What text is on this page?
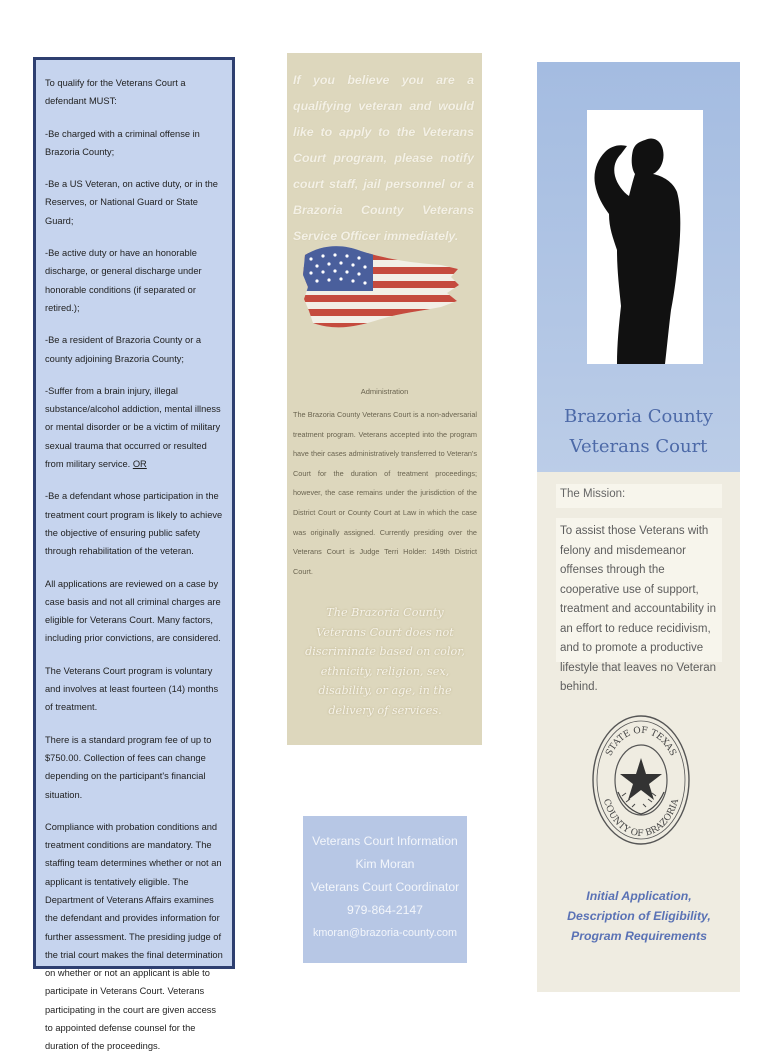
To qualify for the Veterans Court a defendant MUST:

-Be charged with a criminal offense in Brazoria County;

-Be a US Veteran, on active duty, or in the Reserves, or National Guard or State Guard;

-Be active duty or have an honorable discharge, or general discharge under honorable conditions (if separated or retired.);

-Be a resident of Brazoria County or a county adjoining Brazoria County;

-Suffer from a brain injury, illegal substance/alcohol addiction, mental illness or mental disorder or be a victim of military sexual trauma that occurred or resulted from military service. OR

-Be a defendant whose participation in the treatment court program is likely to achieve the objective of ensuring public safety through rehabilitation of the veteran.

All applications are reviewed on a case by case basis and not all criminal charges are eligible for Veterans Court. Many factors, including prior convictions, are considered.

The Veterans Court program is voluntary and involves at least fourteen (14) months of treatment.

There is a standard program fee of up to $750.00. Collection of fees can change depending on the participant's financial situation.

Compliance with probation conditions and treatment conditions are mandatory. The staffing team determines whether or not an applicant is tentatively eligible. The Department of Veterans Affairs examines the defendant and provides information for further assessment. The presiding judge of the trial court makes the final determination on whether or not an applicant is able to participate in Veterans Court. Veterans participating in the court are given access to appointed defense counsel for the duration of the proceedings.

If you believe you are a qualifying veteran and would like to apply to the Veterans Court program, please notify court staff, jail personnel or a Brazoria County Veterans Service Officer immediately.
Administration
The Brazoria County Veterans Court is a non-adversarial treatment program. Veterans accepted into the program have their cases administratively transferred to Veteran's Court for the duration of treatment proceedings; however, the case remains under the jurisdiction of the District Court or County Court at Law in which the case was originally assigned. Currently presiding over the Veterans Court is Judge Terri Holder: 149th District Court.
The Brazoria County Veterans Court does not discriminate based on color, ethnicity, religion, sex, disability, or age, in the delivery of services.
Veterans Court Information
Kim Moran
Veterans Court Coordinator
979-864-2147
kmoran@brazoria-county.com
Brazoria County
Veterans Court
The Mission:
To assist those Veterans with felony and misdemeanor offenses through the cooperative use of support, treatment and accountability in an effort to reduce recidivism, and to promote a productive lifestyle that leaves no Veteran behind.
STATE OF TEXAS
COUNTY OF BRAZORIA
Initial Application,
Description of Eligibility,
Program Requirements
